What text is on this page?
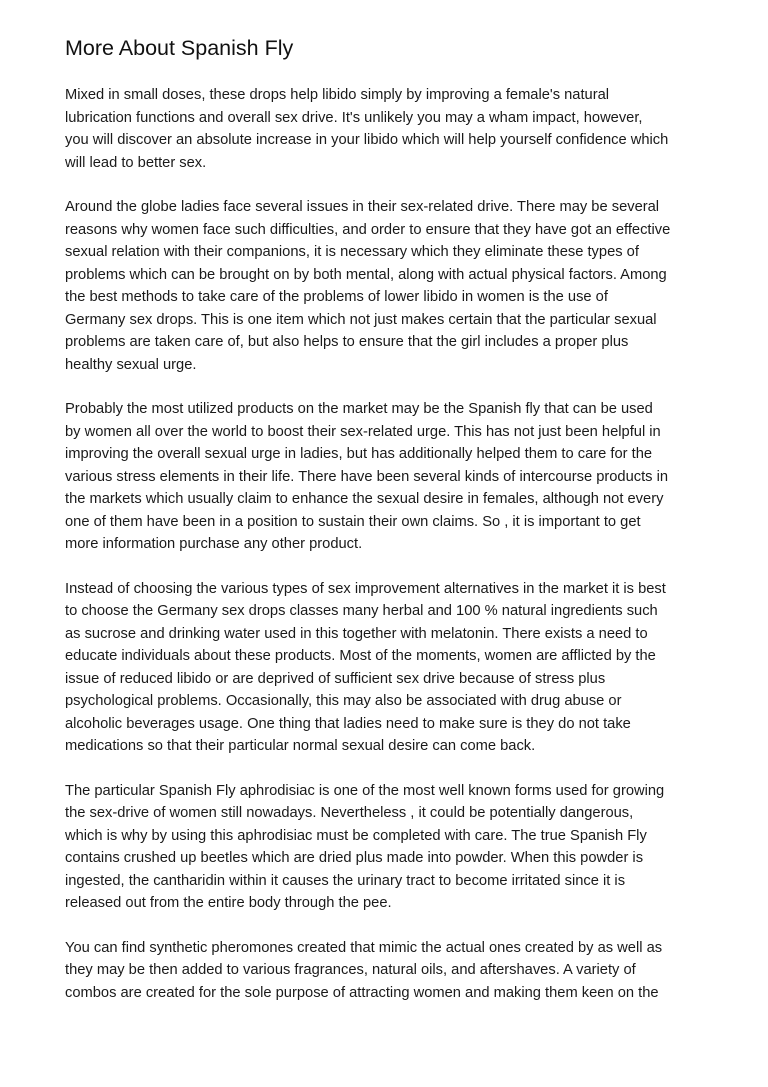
More About Spanish Fly

Mixed in small doses, these drops help libido simply by improving a female's natural
lubrication functions and overall sex drive. It's unlikely you may a wham impact, however,
you will discover an absolute increase in your libido which will help yourself confidence which
will lead to better sex.

Around the globe ladies face several issues in their sex-related drive. There may be several
reasons why women face such difficulties, and order to ensure that they have got an effective
sexual relation with their companions, it is necessary which they eliminate these types of
problems which can be brought on by both mental, along with actual physical factors. Among
the best methods to take care of the problems of lower libido in women is the use of
Germany sex drops. This is one item which not just makes certain that the particular sexual
problems are taken care of, but also helps to ensure that the girl includes a proper plus
healthy sexual urge.

Probably the most utilized products on the market may be the Spanish fly that can be used
by women all over the world to boost their sex-related urge. This has not just been helpful in
improving the overall sexual urge in ladies, but has additionally helped them to care for the
various stress elements in their life. There have been several kinds of intercourse products in
the markets which usually claim to enhance the sexual desire in females, although not every
one of them have been in a position to sustain their own claims. So , it is important to get
more information purchase any other product.

Instead of choosing the various types of sex improvement alternatives in the market it is best
to choose the Germany sex drops classes many herbal and 100 % natural ingredients such
as sucrose and drinking water used in this together with melatonin. There exists a need to
educate individuals about these products. Most of the moments, women are afflicted by the
issue of reduced libido or are deprived of sufficient sex drive because of stress plus
psychological problems. Occasionally, this may also be associated with drug abuse or
alcoholic beverages usage. One thing that ladies need to make sure is they do not take
medications so that their particular normal sexual desire can come back.

The particular Spanish Fly aphrodisiac is one of the most well known forms used for growing
the sex-drive of women still nowadays. Nevertheless , it could be potentially dangerous,
which is why by using this aphrodisiac must be completed with care. The true Spanish Fly
contains crushed up beetles which are dried plus made into powder. When this powder is
ingested, the cantharidin within it causes the urinary tract to become irritated since it is
released out from the entire body through the pee.

You can find synthetic pheromones created that mimic the actual ones created by as well as
they may be then added to various fragrances, natural oils, and aftershaves. A variety of
combos are created for the sole purpose of attracting women and making them keen on the
